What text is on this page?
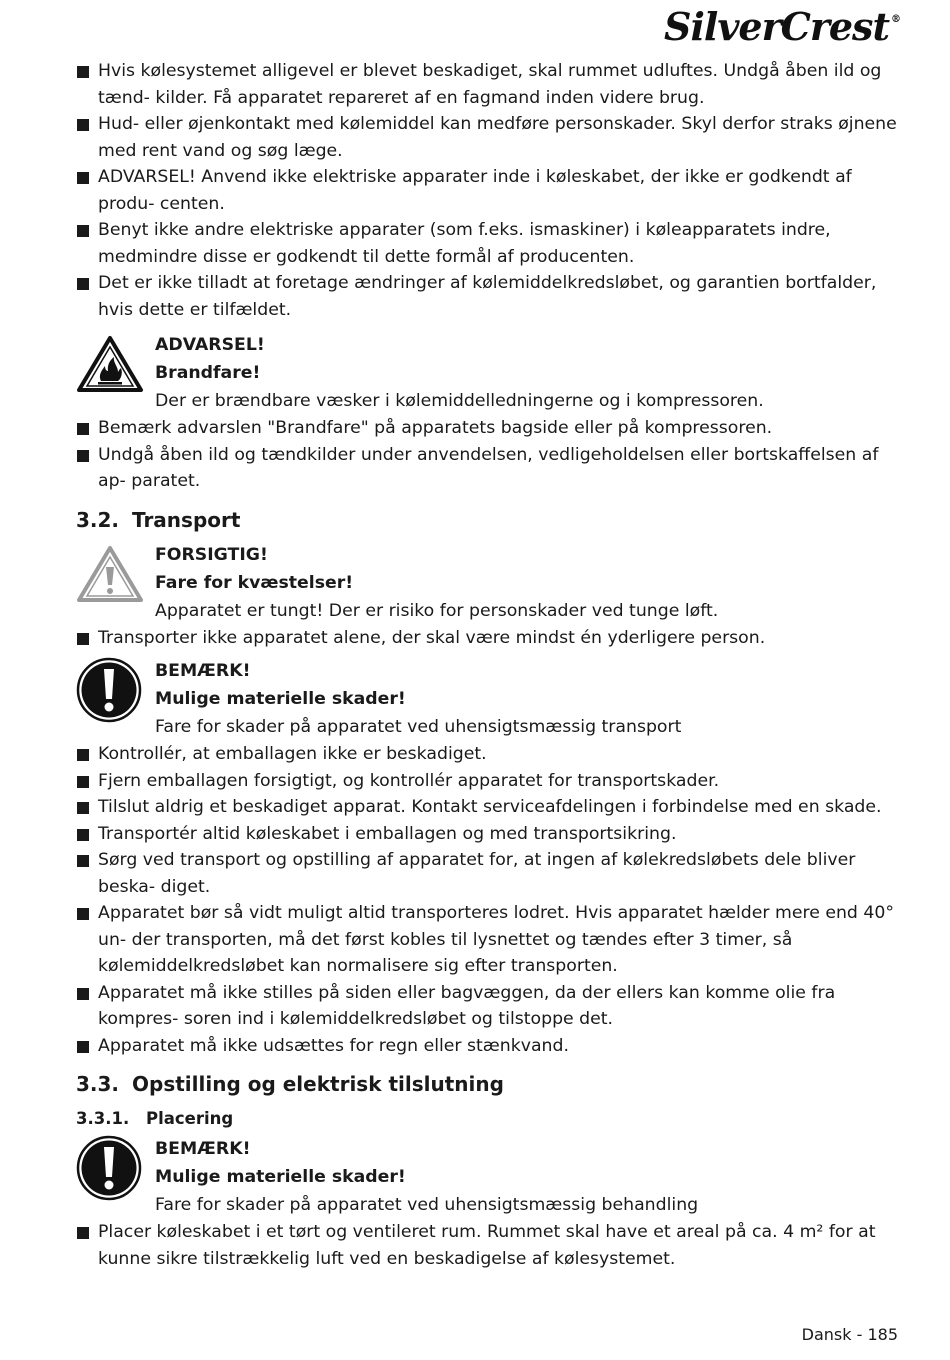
SilverCrest ®

Hvis kølesystemet alligevel er blevet beskadiget, skal rummet udluftes. Undgå åben ild og tænd- kilder. Få apparatet repareret af en fagmand inden videre brug.

Hud- eller øjenkontakt med kølemiddel kan medføre personskader. Skyl derfor straks øjnene med rent vand og søg læge.

ADVARSEL! Anvend ikke elektriske apparater inde i køleskabet, der ikke er godkendt af produ- centen.

Benyt ikke andre elektriske apparater (som f.eks. ismaskiner) i køleapparatets indre, medmindre disse er godkendt til dette formål af producenten.

Det er ikke tilladt at foretage ændringer af kølemiddelkredsløbet, og garantien bortfalder, hvis dette er tilfældet.

ADVARSEL!
Brandfare!
Der er brændbare væsker i kølemiddelledningerne og i kompressoren.

Bemærk advarslen "Brandfare" på apparatets bagside eller på kompressoren.

Undgå åben ild og tændkilder under anvendelsen, vedligeholdelsen eller bortskaffelsen af ap- paratet.

3.2. Transport
FORSIGTIG!
Fare for kvæstelser!
Apparatet er tungt! Der er risiko for personskader ved tunge løft.

Transporter ikke apparatet alene, der skal være mindst én yderligere person.

BEMÆRK!
Mulige materielle skader!
Fare for skader på apparatet ved uhensigtsmæssig transport

Kontrollér, at emballagen ikke er beskadiget.

Fjern emballagen forsigtigt, og kontrollér apparatet for transportskader.

Tilslut aldrig et beskadiget apparat. Kontakt serviceafdelingen i forbindelse med en skade.

Transportér altid køleskabet i emballagen og med transportsikring.

Sørg ved transport og opstilling af apparatet for, at ingen af kølekredsløbets dele bliver beska- diget.

Apparatet bør så vidt muligt altid transporteres lodret. Hvis apparatet hælder mere end 40° un- der transporten, må det først kobles til lysnettet og tændes efter 3 timer, så kølemiddelkredsløbet kan normalisere sig efter transporten.

Apparatet må ikke stilles på siden eller bagvæggen, da der ellers kan komme olie fra kompres- soren ind i kølemiddelkredsløbet og tilstoppe det.

Apparatet må ikke udsættes for regn eller stænkvand.

3.3. Opstilling og elektrisk tilslutning
3.3.1. Placering
BEMÆRK!
Mulige materielle skader!
Fare for skader på apparatet ved uhensigtsmæssig behandling

Placer køleskabet i et tørt og ventileret rum. Rummet skal have et areal på ca. 4 m² for at kunne sikre tilstrækkelig luft ved en beskadigelse af kølesystemet.

Dansk - 185
